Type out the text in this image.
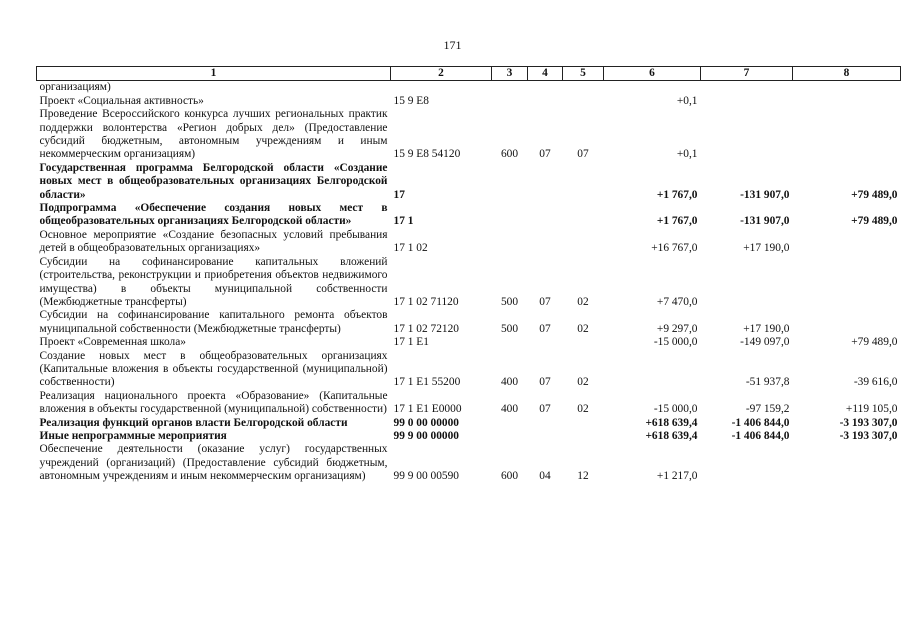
171
1	2	3	4	5	6	7	8
организациям)							
Проект «Социальная активность»	15 9 E8				+0,1		
Проведение Всероссийского конкурса лучших региональных практик поддержки волонтерства «Регион добрых дел» (Предоставление субсидий бюджетным, автономным учреждениям и иным некоммерческим организациям)	15 9 E8 54120	600	07	07	+0,1		
Государственная программа Белгородской области «Создание новых мест в общеобразовательных организациях Белгородской области»	17				+1 767,0	-131 907,0	+79 489,0
Подпрограмма «Обеспечение создания новых мест в общеобразовательных организациях Белгородской области»	17 1				+1 767,0	-131 907,0	+79 489,0
Основное мероприятие «Создание безопасных условий пребывания детей в общеобразовательных организациях»	17 1 02				+16 767,0	+17 190,0	
Субсидии на софинансирование капитальных вложений (строительства, реконструкции и приобретения объектов недвижимого имущества) в объекты муниципальной собственности (Межбюджетные трансферты)	17 1 02 71120	500	07	02	+7 470,0		
Субсидии на софинансирование капитального ремонта объектов муниципальной собственности (Межбюджетные трансферты)	17 1 02 72120	500	07	02	+9 297,0	+17 190,0	
Проект «Современная школа»	17 1 E1				-15 000,0	-149 097,0	+79 489,0
Создание новых мест в общеобразовательных организациях (Капитальные вложения в объекты государственной (муниципальной) собственности)	17 1 E1 55200	400	07	02		-51 937,8	-39 616,0
Реализация национального проекта «Образование» (Капитальные вложения в объекты государственной (муниципальной) собственности)	17 1 E1 E0000	400	07	02	-15 000,0	-97 159,2	+119 105,0
Реализация функций органов власти Белгородской области	99 0 00 00000				+618 639,4	-1 406 844,0	-3 193 307,0
Иные непрограммные мероприятия	99 9 00 00000				+618 639,4	-1 406 844,0	-3 193 307,0
Обеспечение деятельности (оказание услуг) государственных учреждений (организаций) (Предоставление субсидий бюджетным, автономным учреждениям и иным некоммерческим организациям)	99 9 00 00590	600	04	12	+1 217,0		
